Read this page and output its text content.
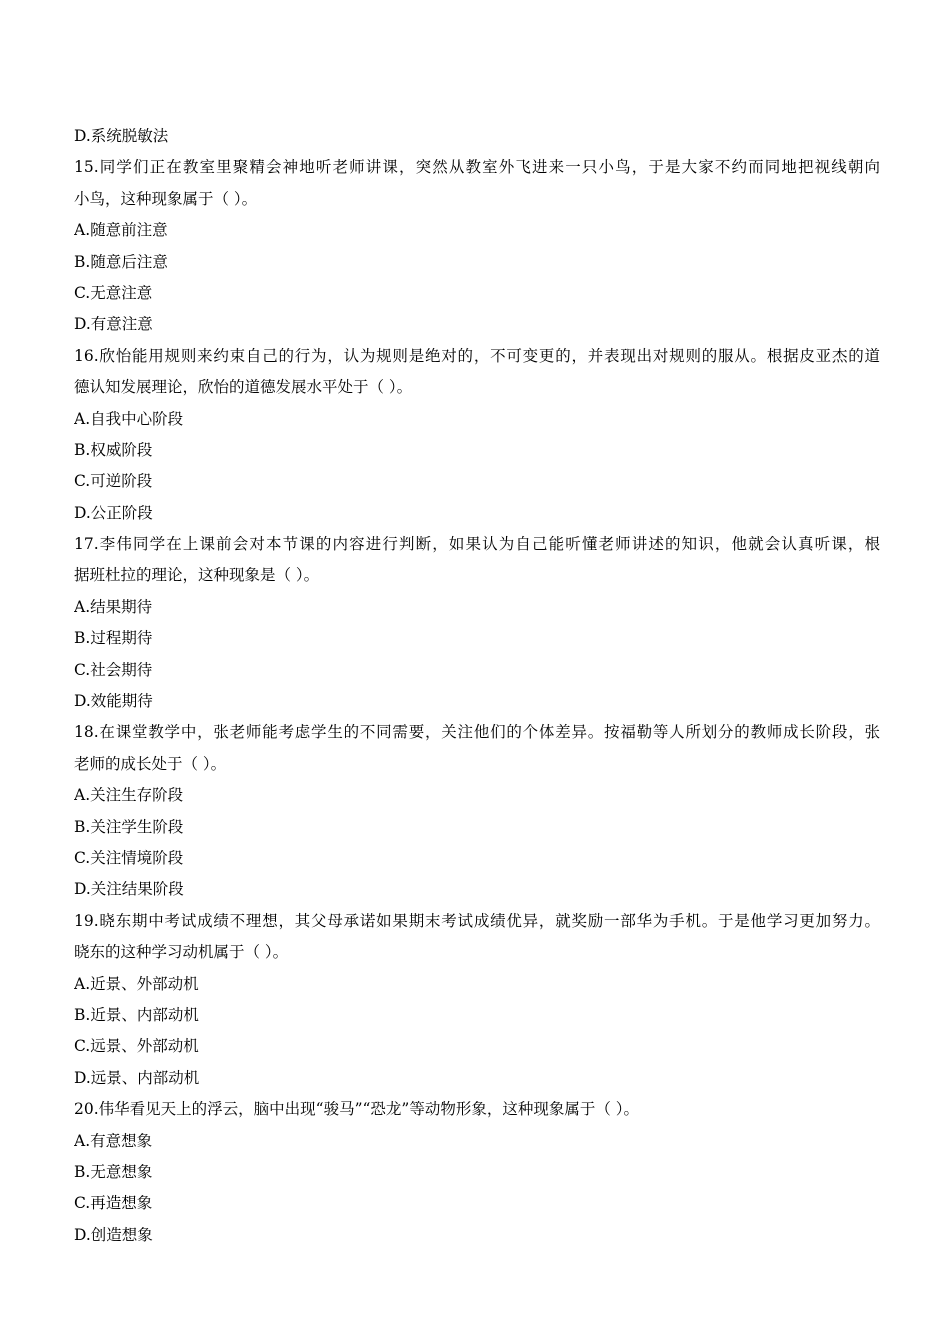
D.系统脱敏法
15.同学们正在教室里聚精会神地听老师讲课，突然从教室外飞进来一只小鸟，于是大家不约而同地把视线朝向
小鸟，这种现象属于（ ）。
A.随意前注意
B.随意后注意
C.无意注意
D.有意注意
16.欣怡能用规则来约束自己的行为，认为规则是绝对的，不可变更的，并表现出对规则的服从。根据皮亚杰的道
德认知发展理论，欣怡的道德发展水平处于（ ）。
A.自我中心阶段
B.权威阶段
C.可逆阶段
D.公正阶段
17.李伟同学在上课前会对本节课的内容进行判断，如果认为自己能听懂老师讲述的知识，他就会认真听课，根
据班杜拉的理论，这种现象是（ ）。
A.结果期待
B.过程期待
C.社会期待
D.效能期待
18.在课堂教学中，张老师能考虑学生的不同需要，关注他们的个体差异。按福勒等人所划分的教师成长阶段，张
老师的成长处于（ ）。
A.关注生存阶段
B.关注学生阶段
C.关注情境阶段
D.关注结果阶段
19.晓东期中考试成绩不理想，其父母承诺如果期末考试成绩优异，就奖励一部华为手机。于是他学习更加努力。
晓东的这种学习动机属于（ ）。
A.近景、外部动机
B.近景、内部动机
C.远景、外部动机
D.远景、内部动机
20.伟华看见天上的浮云，脑中出现“骏马”“恐龙”等动物形象，这种现象属于（ ）。
A.有意想象
B.无意想象
C.再造想象
D.创造想象
